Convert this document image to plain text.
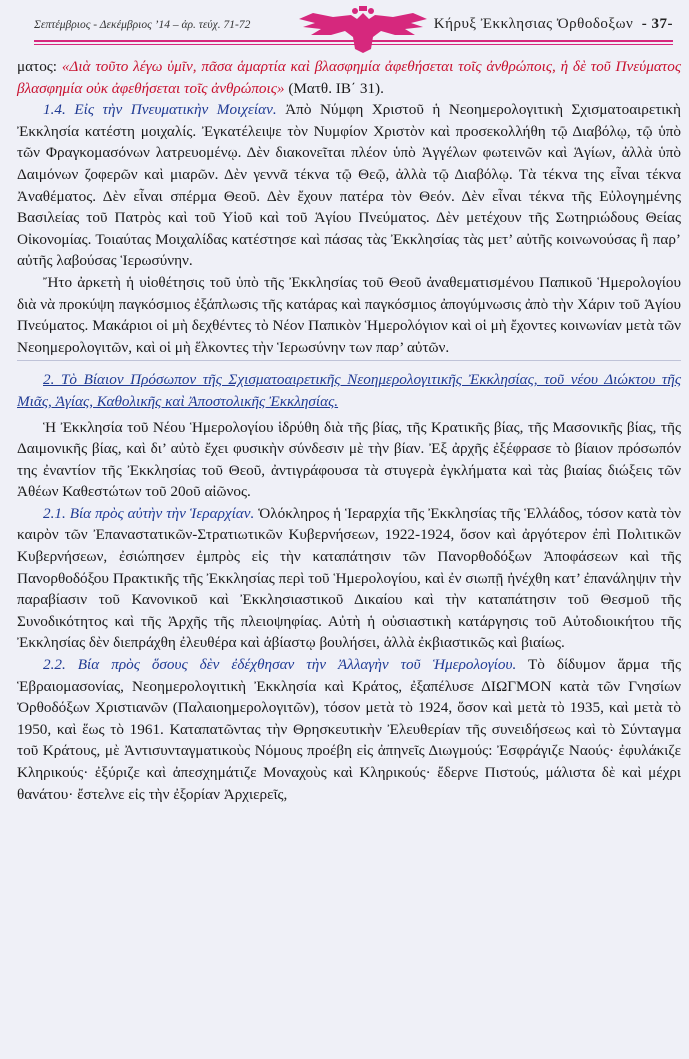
Σεπτέμβριος - Δεκέμβριος ’14 – ἀρ. τεύχ. 71-72	Κήρυξ Ἐκκλησιας Ὀρθοδοξων - 37-

ματος: «Διὰ τοῦτο λέγω ὑμῖν, πᾶσα ἁμαρτία καὶ βλασφημία ἀφεθήσεται τοῖς ἀνθρώποις, ἡ δὲ τοῦ Πνεύματος βλασφημία οὐκ ἀφεθήσεται τοῖς ἀνθρώποις» (Ματθ. ΙΒ΄ 31).

1.4. Εἰς τὴν Πνευματικὴν Μοιχείαν. Ἀπὸ Νύμφη Χριστοῦ ἡ Νεοημερολογιτικὴ Σχισματοαιρετικὴ Ἐκκλησία κατέστη μοιχαλίς. Ἐγκατέλειψε τὸν Νυμφίον Χριστὸν καὶ προσεκολλήθη τῷ Διαβόλῳ, τῷ ὑπὸ τῶν Φραγκομασόνων λατρευομένῳ. Δὲν διακονεῖται πλέον ὑπὸ Ἀγγέλων φωτεινῶν καὶ Ἁγίων, ἀλλὰ ὑπὸ Δαιμόνων ζοφερῶν καὶ μιαρῶν. Δὲν γεννᾶ τέκνα τῷ Θεῷ, ἀλλὰ τῷ Διαβόλῳ. Τὰ τέκνα της εἶναι τέκνα Ἀναθέματος. Δὲν εἶναι σπέρμα Θεοῦ. Δὲν ἔχουν πατέρα τὸν Θεόν. Δὲν εἶναι τέκνα τῆς Εὐλογημένης Βασιλείας τοῦ Πατρὸς καὶ τοῦ Υἱοῦ καὶ τοῦ Ἁγίου Πνεύματος. Δὲν μετέχουν τῆς Σωτηριώδους Θείας Οἰκονομίας. Τοιαύτας Μοιχαλίδας κατέστησε καὶ πάσας τὰς Ἐκκλησίας τὰς μετ’ αὐτῆς κοινωνούσας ἢ παρ’ αὐτῆς λαβούσας Ἱερωσύνην.

Ἤτο ἀρκετὴ ἡ υἱοθέτησις τοῦ ὑπὸ τῆς Ἐκκλησίας τοῦ Θεοῦ ἀναθεματισμένου Παπικοῦ Ἡμερολογίου διὰ νὰ προκύψη παγκόσμιος ἐξάπλωσις τῆς κατάρας καὶ παγκόσμιος ἀπογύμνωσις ἀπὸ τὴν Χάριν τοῦ Ἁγίου Πνεύματος. Μακάριοι οἱ μὴ δεχθέντες τὸ Νέον Παπικὸν Ἡμερολόγιον καὶ οἱ μὴ ἔχοντες κοινωνίαν μετὰ τῶν Νεοημερολογιτῶν, καὶ οἱ μὴ ἕλκοντες τὴν Ἱερωσύνην των παρ’ αὐτῶν.

2. Τὸ Βίαιον Πρόσωπον τῆς Σχισματοαιρετικῆς Νεοημερολογιτικῆς Ἐκκλησίας, τοῦ νέου Διώκτου τῆς Μιᾶς, Ἁγίας, Καθολικῆς καὶ Ἀποστολικῆς Ἐκκλησίας.

Ἡ Ἐκκλησία τοῦ Νέου Ἡμερολογίου ἱδρύθη διὰ τῆς βίας, τῆς Κρατικῆς βίας, τῆς Μασονικῆς βίας, τῆς Δαιμονικῆς βίας, καὶ δι’ αὐτὸ ἔχει φυσικὴν σύνδεσιν μὲ τὴν βίαν. Ἐξ ἀρχῆς ἐξέφρασε τὸ βίαιον πρόσωπόν της ἐναντίον τῆς Ἐκκλησίας τοῦ Θεοῦ, ἀντιγράφουσα τὰ στυγερὰ ἐγκλήματα καὶ τὰς βιαίας διώξεις τῶν Ἀθέων Καθεστώτων τοῦ 20οῦ αἰῶνος.

2.1. Βία πρὸς αὐτὴν τὴν Ἱεραρχίαν. Ὁλόκληρος ἡ Ἱεραρχία τῆς Ἐκκλησίας τῆς Ἑλλάδος, τόσον κατὰ τὸν καιρὸν τῶν Ἐπαναστατικῶν-Στρατιωτικῶν Κυβερνήσεων, 1922-1924, ὅσον καὶ ἀργότερον ἐπὶ Πολιτικῶν Κυβερνήσεων, ἐσιώπησεν ἐμπρὸς εἰς τὴν καταπάτησιν τῶν Πανορθοδόξων Ἀποφάσεων καὶ τῆς Πανορθοδόξου Πρακτικῆς τῆς Ἐκκλησίας περὶ τοῦ Ἡμερολογίου, καὶ ἐν σιωπῇ ἠνέχθη κατ’ ἐπανάληψιν τὴν παραβίασιν τοῦ Κανονικοῦ καὶ Ἐκκλησιαστικοῦ Δικαίου καὶ τὴν καταπάτησιν τοῦ Θεσμοῦ τῆς Συνοδικότητος καὶ τῆς Ἀρχῆς τῆς πλειοψηφίας. Αὐτὴ ἡ οὐσιαστικὴ κατάργησις τοῦ Αὐτοδιοικήτου τῆς Ἐκκλησίας δὲν διεπράχθη ἐλευθέρα καὶ ἀβίαστῳ βουλήσει, ἀλλὰ ἐκβιαστικῶς καὶ βιαίως.

2.2. Βία πρὸς ὅσους δὲν ἐδέχθησαν τὴν Ἀλλαγὴν τοῦ Ἡμερολογίου. Τὸ δίδυμον ἅρμα τῆς Ἑβραιομασονίας, Νεοημερολογιτικὴ Ἐκκλησία καὶ Κράτος, ἐξαπέλυσε ΔΙΩΓΜΟΝ κατὰ τῶν Γνησίων Ὀρθοδόξων Χριστιανῶν (Παλαιοημερολογιτῶν), τόσον μετὰ τὸ 1924, ὅσον καὶ μετὰ τὸ 1935, καὶ μετὰ τὸ 1950, καὶ ἕως τὸ 1961. Καταπατῶντας τὴν Θρησκευτικὴν Ἐλευθερίαν τῆς συνειδήσεως καὶ τὸ Σύνταγμα τοῦ Κράτους, μὲ Ἀντισυνταγματικοὺς Νόμους προέβη εἰς ἀπηνεῖς Διωγμούς: Ἐσφράγιζε Ναούς· ἐφυλάκιζε Κληρικούς· ἐξύριζε καὶ ἀπεσχημάτιζε Μοναχοὺς καὶ Κληρικούς· ἔδερνε Πιστούς, μάλιστα δὲ καὶ μέχρι θανάτου· ἔστελνε εἰς τὴν ἐξορίαν Ἀρχιερεῖς,
